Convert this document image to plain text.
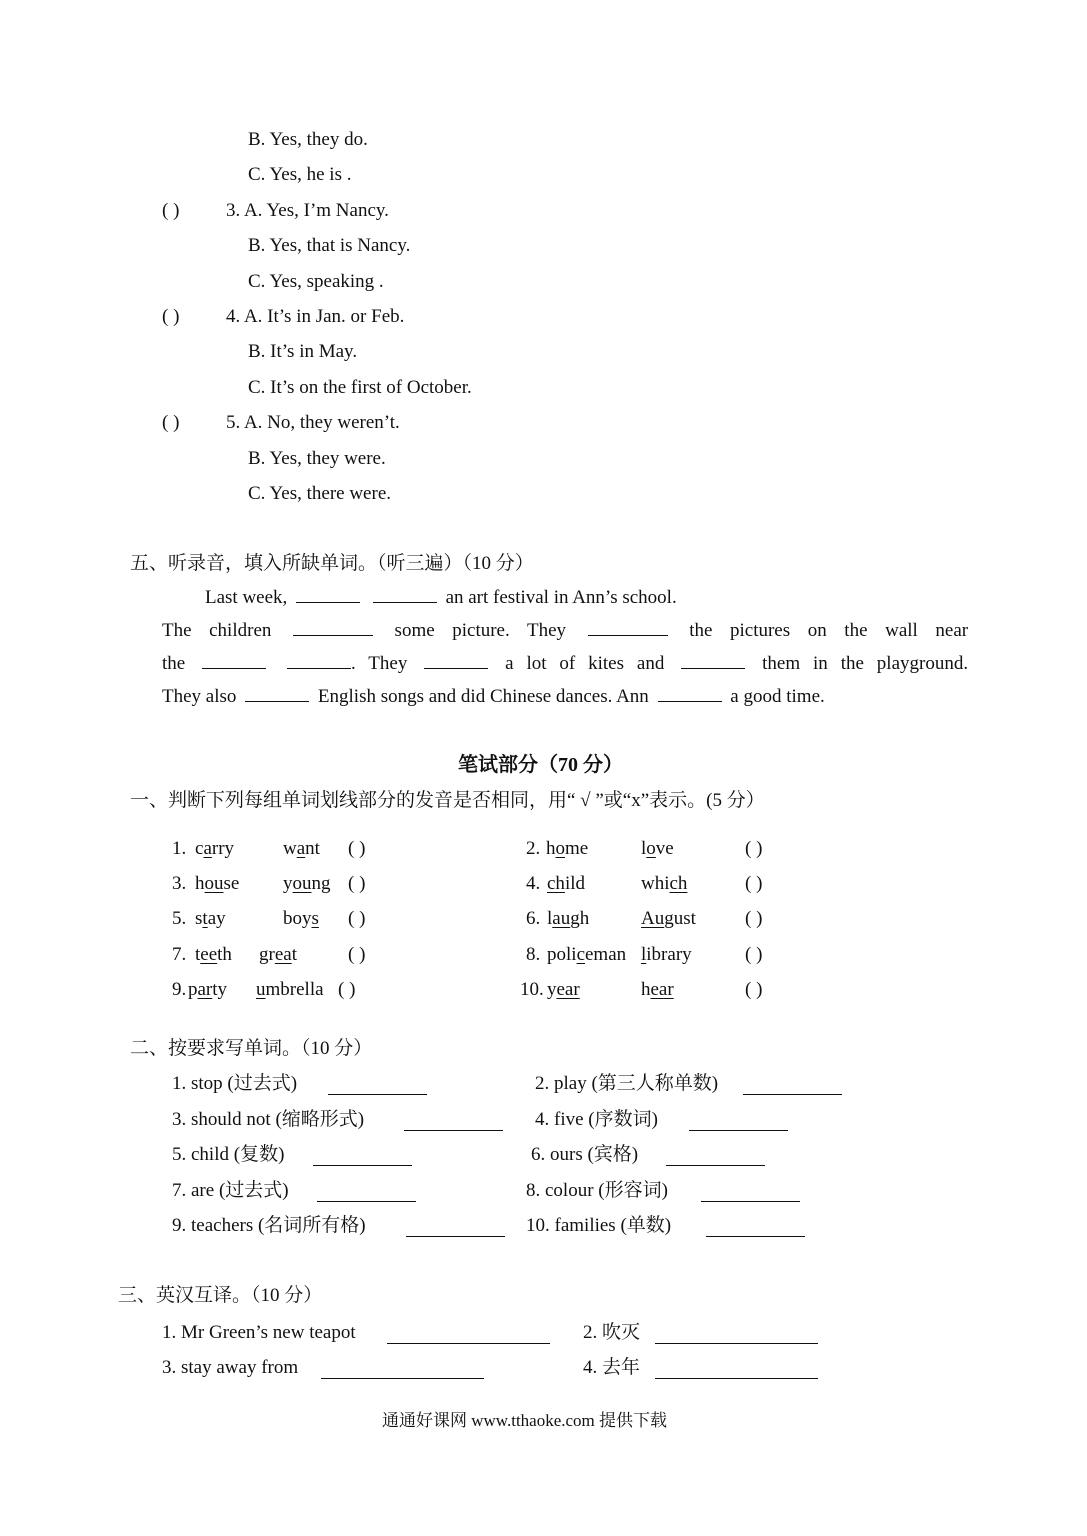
B. Yes, they do.
C. Yes, he is .
( ) 3. A. Yes, I’m Nancy.
B. Yes, that is Nancy.
C. Yes, speaking .
( ) 4. A. It’s in Jan. or Feb.
B. It’s in May.
C. It’s on the first of October.
( ) 5. A. No, they weren’t.
B. Yes, they were.
C. Yes, there were.
五、听录音，填入所缺单词。（听三遍）（10 分）
Last week,	an art festival in Ann’s school.
The children	some picture. They	the pictures on the wall near
the	. They	a lot of kites and	them in the playground.
They also	English songs and did Chinese dances. Ann	a good time.
笔试部分（70 分）
一、判断下列每组单词划线部分的发音是否相同，用“ √ ”或“x”表示。(5 分）
1. carry	want ( )	2. home	love	( )
3. house young ( )	4. child	which	( )
5. stay	boys ( )	6. laugh	August	( )
7. teeth great	( )	8. policeman library	( )
9. party umbrella ( )	10. year	hear	( )
二、按要求写单词。（10 分）
1. stop (过去式)	2. play (第三人称单数)
3. should not (缩略形式)	4. five (序数词)
5. child (复数)	6. ours (宾格)
7. are (过去式)	8. colour (形容词)
9. teachers (名词所有格)	10. families (单数)
三、英汉互译。（10 分）
1. Mr Green’s new teapot	2. 吹灭
3. stay away from	4. 去年
通通好课网 www.tthaoke.com 提供下载
